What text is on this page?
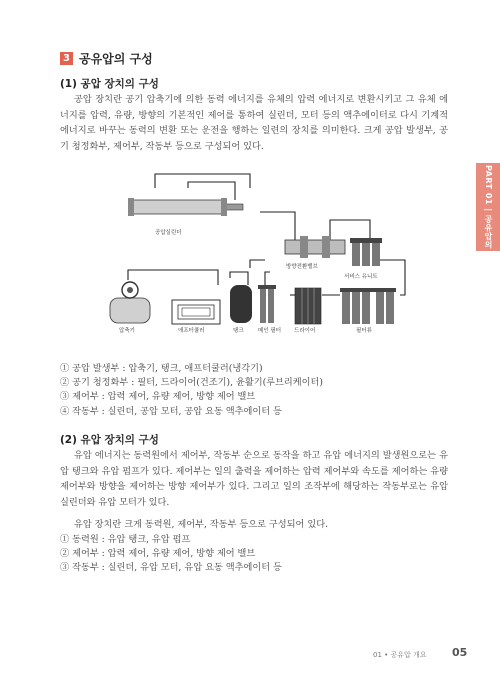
3 공유압의 구성
(1) 공압 장치의 구성

공압 장치란 공기 압축기에 의한 동력 에너지를 유체의 압력 에너지로 변환시키고 그 유체 에너지를 압력, 유량, 방향의 기본적인 제어를 통하여 실린더, 모터 등의 액추에이터로 다시 기계적 에너지로 바꾸는 동력의 변환 또는 운전을 행하는 일련의 장치를 의미한다. 크게 공압 발생부, 공기 청정화부, 제어부, 작동부 등으로 구성되어 있다.

공압실린더
방향전환밸브
서비스 유니트
압축기	애프터쿨러	탱크	메인 필터 드라이어	필터류
① 공압 발생부 : 압축기, 탱크, 애프터쿨러(냉각기)
② 공기 청정화부 : 필터, 드라이어(건조기), 윤활기(루브리케이터)
③ 제어부 : 압력 제어, 유량 제어, 방향 제어 밸브
④ 작동부 : 실린더, 공압 모터, 공압 요동 액추에이터 등
(2) 유압 장치의 구성

유압 에너지는 동력원에서 제어부, 작동부 순으로 동작을 하고 유압 에너지의 발생원으로는 유압 탱크와 유압 펌프가 있다. 제어부는 일의 출력을 제어하는 압력 제어부와 속도를 제어하는 유량 제어부와 방향을 제어하는 방향 제어부가 있다. 그리고 일의 조작부에 해당하는 작동부로는 유압 실린더와 유압 모터가 있다.

유압 장치란 크게 동력원, 제어부, 작동부 등으로 구성되어 있다.

① 동력원 : 유압 탱크, 유압 펌프
② 제어부 : 압력 제어, 유량 제어, 방향 제어 밸브
③ 작동부 : 실린더, 유압 모터, 유압 요동 액추에이터 등
PART 01 | 공유압의 이해
01 • 공유압 개요 05
